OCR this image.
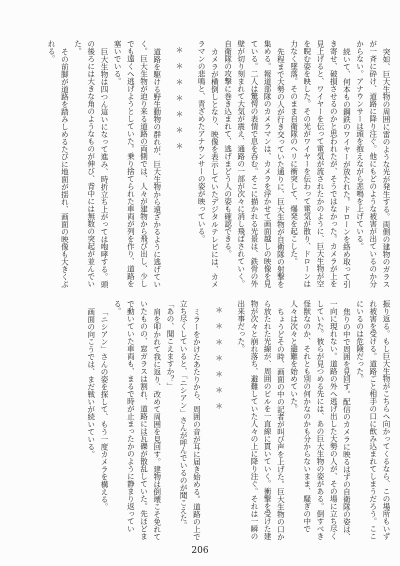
突如、巨大生物の周囲に雷のような光が発生する。両側の建物のガラスが一斉に砕け、道路に降り注ぐ。他にもどのような被害が出ているのか分からない。アナウンサーは頭を抱えながら悲鳴を上げている。

続いて、何本もの鋼鉄のワイヤーが放たれた。ドローンを絡め取って引き寄せ、破損させるのかと思われたが、そうではなかった。カメラが上を見上げると、ワイヤーを伝って電気が流されたかのように、巨大生物が空を睨む姿を映した。その光がワイヤーを伝わって電気が散り、ドローンは力なく墜落。そのまま自衛隊のヘリに衝突して、爆発を起こした。

先程まで大勢の人が行き交っていた通りに、巨大生物が自衛隊の射撃を集める。報道部隊のカメラマンは、カメラを浮かせて画面越しの映像を見ている。二人は驚愕の表情で息を呑む。そこに描かれる光景は、鉄骨の外壁が切り刻まれて大気が震え、通路の一部が次々に消し飛ばされていく。自衛隊の攻撃に巻き込まれて、逃げまどう人の姿も確認できる。

カメラが横倒しとなり、映像を表示していたデジタルテレビには、カメラマンの悲鳴と、青ざめたアナウンサーの姿が映っている。

＊＊＊＊＊＊＊

道路を駆ける野生動物の群れが、巨大生物から遠ざかるように逃げていく。巨大生物が迫り来る道路の両側では、人々が建物から飛び出し、少しでも遠くへ逃げようとしていた。乗り捨てられた車両が列を作り、道路を塞いでいる。

巨大生物は四つん這いになって進み、時折立ち上がっては咆哮する。頭の後ろには大きな角のようなものが伸び、背中には無数の突起が並んでいた。

その前脚が道路を踏みしめるたびに地面が揺れ、画面の映像も大きくぶれる。

振り返る。もし巨大生物がこちらへ向かってくるなら、この場所もいずれ被害を受ける。道路ごと相手の口に飲み込まれてしまうだろう。ここにいるのは危険だった。

焦りの中で周囲を見回す。配信のカメラに映るはずの自衛隊の姿は、一向に現れない。道路の外へ逃げ出した大勢の人が、その場に立ち尽くしていた。彼らが見つめる先には、あの巨大生物の姿がある。倒すべき怪獣なのか、それとも別の何かなのかも分からないまま、騒ぎの中で人々は次々と避難を始めていた。

ちょうどその時、画面の中の記者が叫び声を上げた。巨大生物の口から放たれた光線が、周囲のビルを一直線に貫いていく。衝撃を受けた建物が次々と崩れ落ち、避難していた人々の上に降り注ぐ。それは一瞬の出来事だった。

＊＊＊＊＊＊＊

ミラーをかけたあたりから、周囲の音が耳に届き始める。道路の上で立ち尽くしていると、「ニシアン」さんが呼んでいるのが聞こえた。

「あの、聞こえますか？」

肩を叩かれて我に返り、改めて周囲を見回す。建物は倒壊こそ免れていたものの、窓ガラスは割れ、道路には瓦礫が散乱していた。先ほどまで動いていた車両も、まるで時が止まったかのように静まり返っている。

「ニシアン」さんの姿を探して、もう一度カメラを構える。

画面の向こうでは、まだ戦いが続いている。

206
